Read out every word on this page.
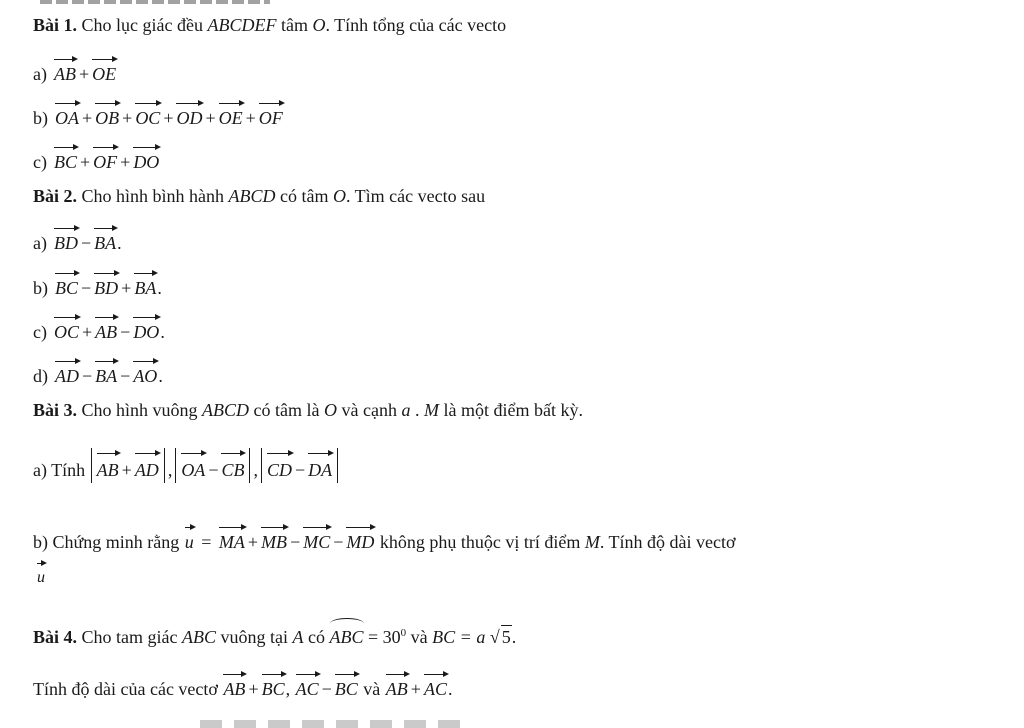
Bài 1. Cho lục giác đều ABCDEF tâm O. Tính tổng của các vecto
a) AB + OE
b) OA + OB + OC + OD + OE + OF
c) BC + OF + DO
Bài 2. Cho hình bình hành ABCD có tâm O. Tìm các vecto sau
a) BD − BA.
b) BC − BD + BA.
c) OC + AB − DO.
d) AD − BA − AO.
Bài 3. Cho hình vuông ABCD có tâm là O và cạnh a . M là một điểm bất kỳ.
a) Tính AB + AD , OA − CB , CD − DA
b) Chứng minh rằng u = MA + MB − MC − MD không phụ thuộc vị trí điểm M. Tính độ dài vectơ
u
Bài 4. Cho tam giác ABC vuông tại A có ABC = $30^0$ và BC = a √ 5.
Tính độ dài của các vectơ AB + BC, AC − BC và AB + AC.
